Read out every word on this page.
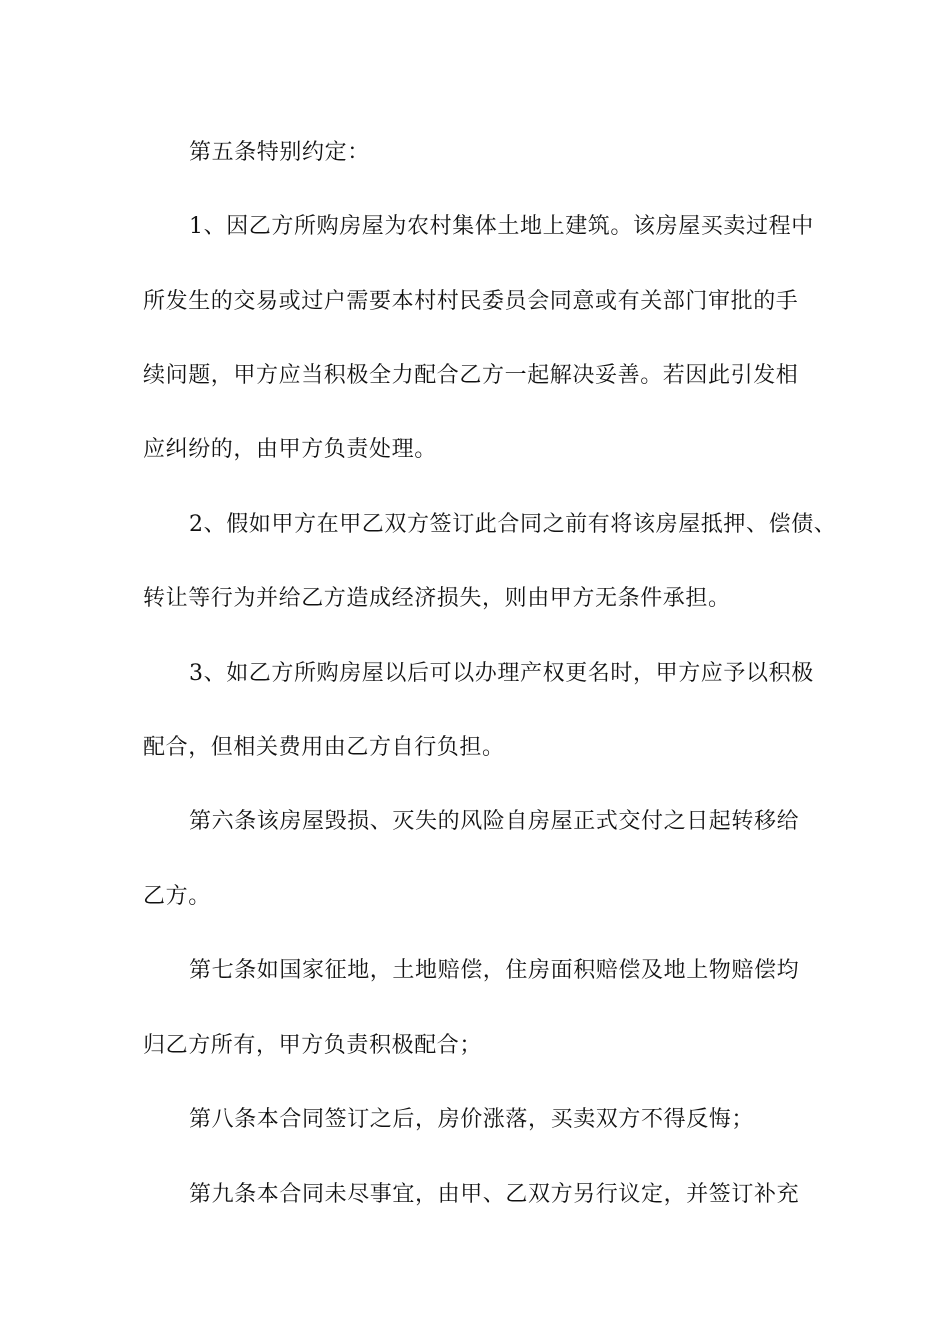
第五条特别约定：
1、因乙方所购房屋为农村集体土地上建筑。该房屋买卖过程中
所发生的交易或过户需要本村村民委员会同意或有关部门审批的手
续问题，甲方应当积极全力配合乙方一起解决妥善。若因此引发相
应纠纷的，由甲方负责处理。
2、假如甲方在甲乙双方签订此合同之前有将该房屋抵押、偿债、
转让等行为并给乙方造成经济损失，则由甲方无条件承担。
3、如乙方所购房屋以后可以办理产权更名时，甲方应予以积极
配合，但相关费用由乙方自行负担。
第六条该房屋毁损、灭失的风险自房屋正式交付之日起转移给
乙方。
第七条如国家征地，土地赔偿，住房面积赔偿及地上物赔偿均
归乙方所有，甲方负责积极配合；
第八条本合同签订之后，房价涨落，买卖双方不得反悔；
第九条本合同未尽事宜，由甲、乙双方另行议定，并签订补充
